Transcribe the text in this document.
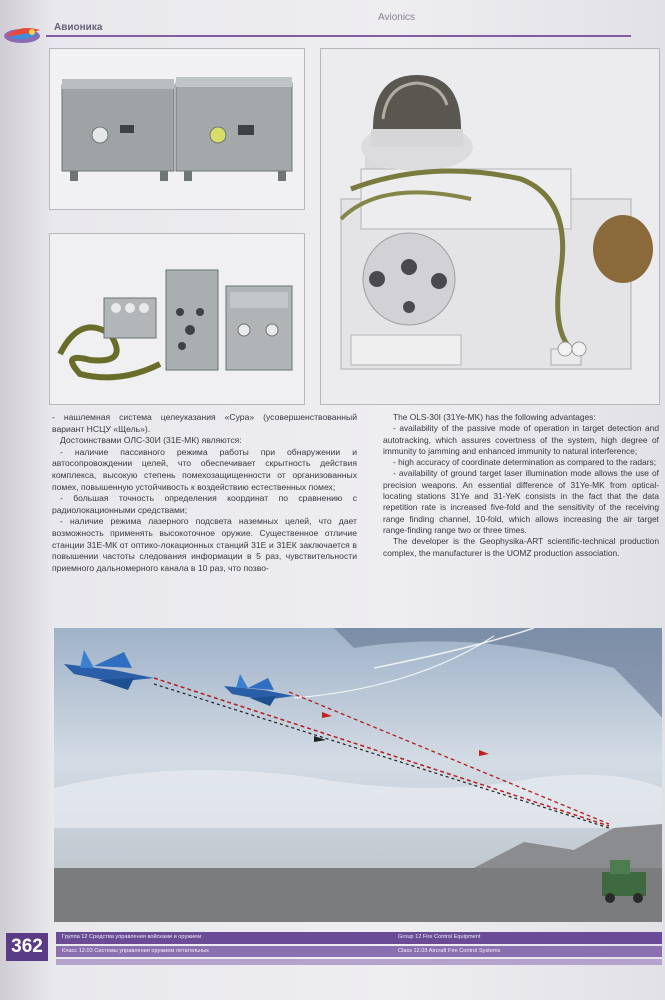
Авионика
Avionics

- нашлемная система целеуказания «Сура» (усовершенствованный вариант НСЦУ «Щель»).

Достоинствами ОЛС-30И (31Е-МК) являются:

- наличие пассивного режима работы при обнаружении и автосопровождении целей, что обеспечивает скрытность действия комплекса, высокую степень помехозащищенности от организованных помех, повышенную устойчивость к воздействию естественных помех;

- большая точность определения координат по сравнению с радиолокационными средствами;

- наличие режима лазерного подсвета наземных целей, что дает возможность применять высокоточное оружие. Существенное отличие станции 31Е-МК от оптико-локационных станций 31Е и 31ЕК заключается в повышении частоты следования информации в 5 раз, чувствительности приемного дальномерного канала в 10 раз, что позво-

The OLS-30I (31Ye-MK) has the following advantages:

- availability of the passive mode of operation in target detection and autotracking, which assures covertness of the system, high degree of immunity to jamming and enhanced immunity to natural interference;

- high accuracy of coordinate determination as compared to the radars;

- availability of ground target laser illumination mode allows the use of precision weapons. An essential difference of 31Ye-MK from optical-locating stations 31Ye and 31-YeK consists in the fact that the data repetition rate is increased five-fold and the sensitivity of the receiving range finding channel, 10-fold, which allows increasing the air target range-finding range two or three times.

The developer is the Geophysika-ART scientific-technical production complex, the manufacturer is the UOMZ production association.

362	Группа 12 Средства управления войсками и оружием	Group 12 Fire Control Equipment
Класс 12.03 Системы управления оружием летательных	Class 12.03 Aircraft Fire Control Systems
